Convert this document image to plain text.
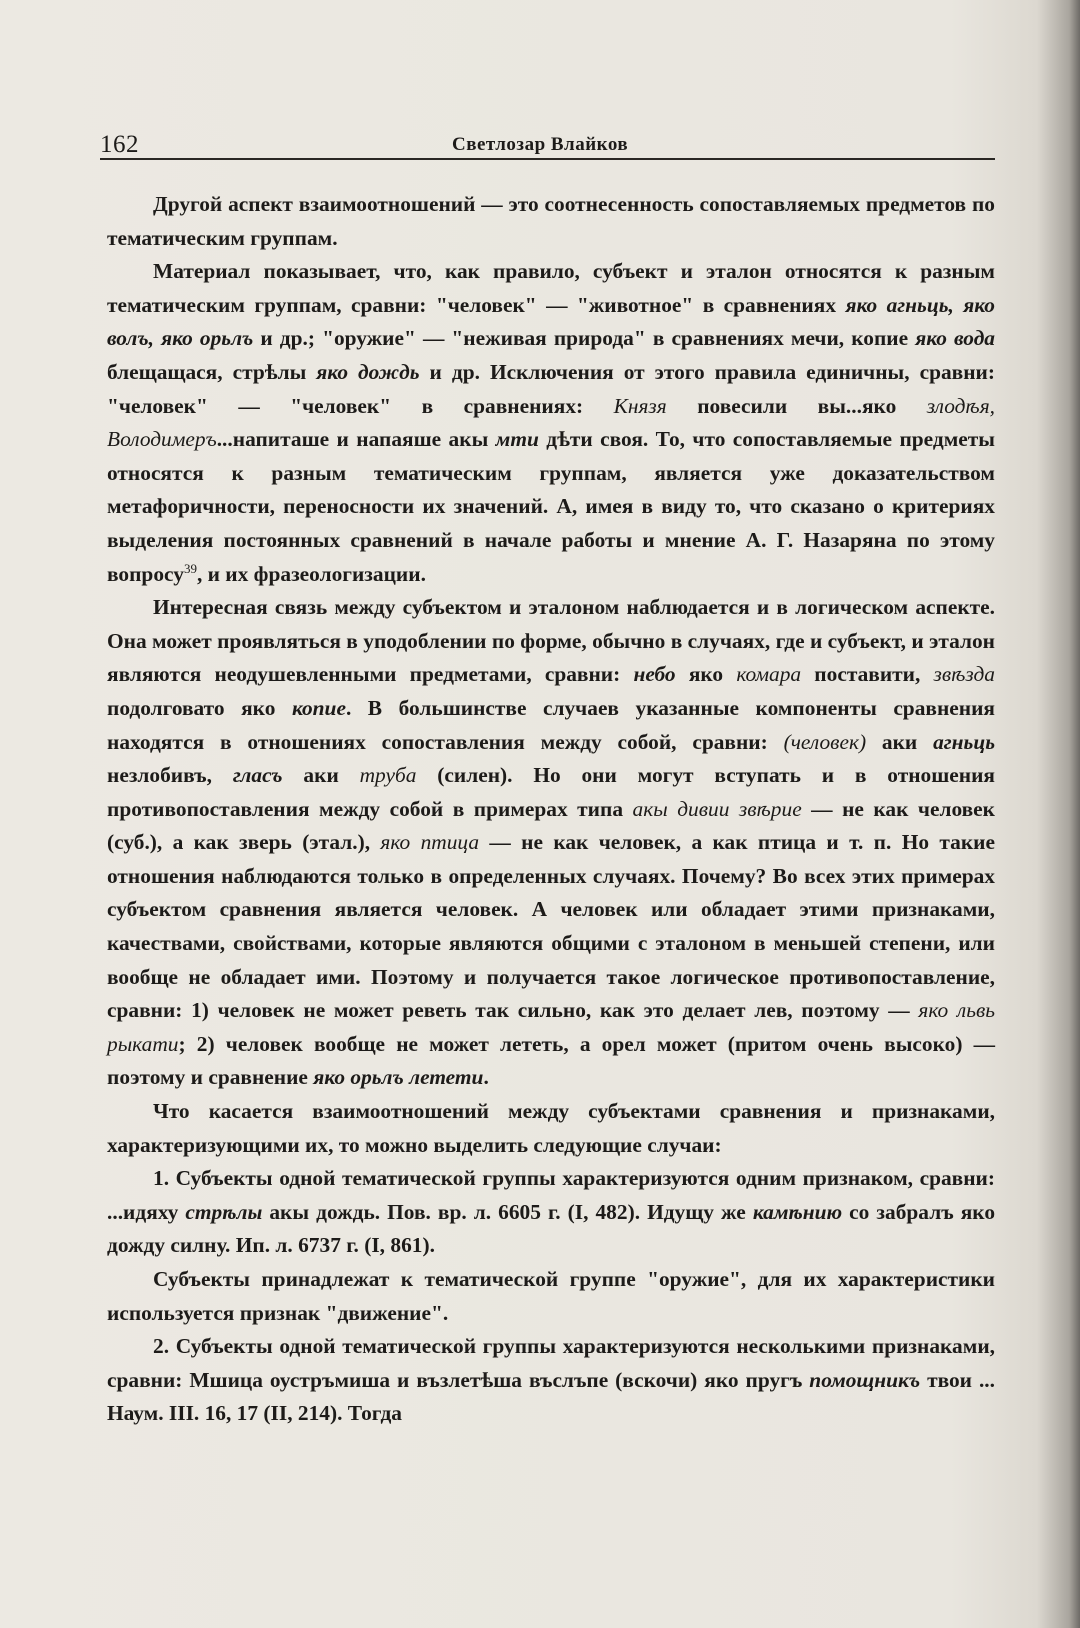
162	Светлозар Влайков

Другой аспект взаимоотношений — это соотнесенность сопоставляемых предметов по тематическим группам.

Материал показывает, что, как правило, субъект и эталон относятся к разным тематическим группам, сравни: "человек" — "животное" в сравнениях яко агньць, яко волъ, яко орьлъ и др.; "оружие" — "неживая природа" в сравнениях мечи, копие яко вода блещащася, стрѣлы яко дождь и др. Исключения от этого правила единичны, сравни: "человек" — "человек" в сравнениях: Князя повесили вы...яко злодѣя, Володимеръ...напиташе и напаяше акы мти дѣти своя. То, что сопоставляемые предметы относятся к разным тематическим группам, является уже доказательством метафоричности, переносности их значений. А, имея в виду то, что сказано о критериях выделения постоянных сравнений в начале работы и мнение А. Г. Назаряна по этому вопросу$^{39}$, и их фразеологизации.

Интересная связь между субъектом и эталоном наблюдается и в логическом аспекте. Она может проявляться в уподоблении по форме, обычно в случаях, где и субъект, и эталон являются неодушевленными предметами, сравни: небо яко комара поставити, звѣзда подолговато яко копие. В большинстве случаев указанные компоненты сравнения находятся в отношениях сопоставления между собой, сравни: (человек) аки агньць незлобивъ, гласъ аки труба (силен). Но они могут вступать и в отношения противопоставления между собой в примерах типа акы дивии звѣрие — не как человек (суб.), а как зверь (этал.), яко птица — не как человек, а как птица и т. п. Но такие отношения наблюдаются только в определенных случаях. Почему? Во всех этих примерах субъектом сравнения является человек. А человек или обладает этими признаками, качествами, свойствами, которые являются общими с эталоном в меньшей степени, или вообще не обладает ими. Поэтому и получается такое логическое противопоставление, сравни: 1) человек не может реветь так сильно, как это делает лев, поэтому — яко львь рыкати; 2) человек вообще не может лететь, а орел может (притом очень высоко) — поэтому и сравнение яко орьлъ летети.

Что касается взаимоотношений между субъектами сравнения и признаками, характеризующими их, то можно выделить следующие случаи:

1. Субъекты одной тематической группы характеризуются одним признаком, сравни: ...идяху стрѣлы акы дождь. Пов. вр. л. 6605 г. (I, 482). Идущу же камѣнию со забралъ яко дожду силну. Ип. л. 6737 г. (I, 861).

Субъекты принадлежат к тематической группе "оружие", для их характеристики используется признак "движение".

2. Субъекты одной тематической группы характеризуются несколькими признаками, сравни: Мшица оустръмиша и възлетѣша въслъпе (вскочи) яко пругъ помощникъ твои ... Наум. III. 16, 17 (II, 214). Тогда
